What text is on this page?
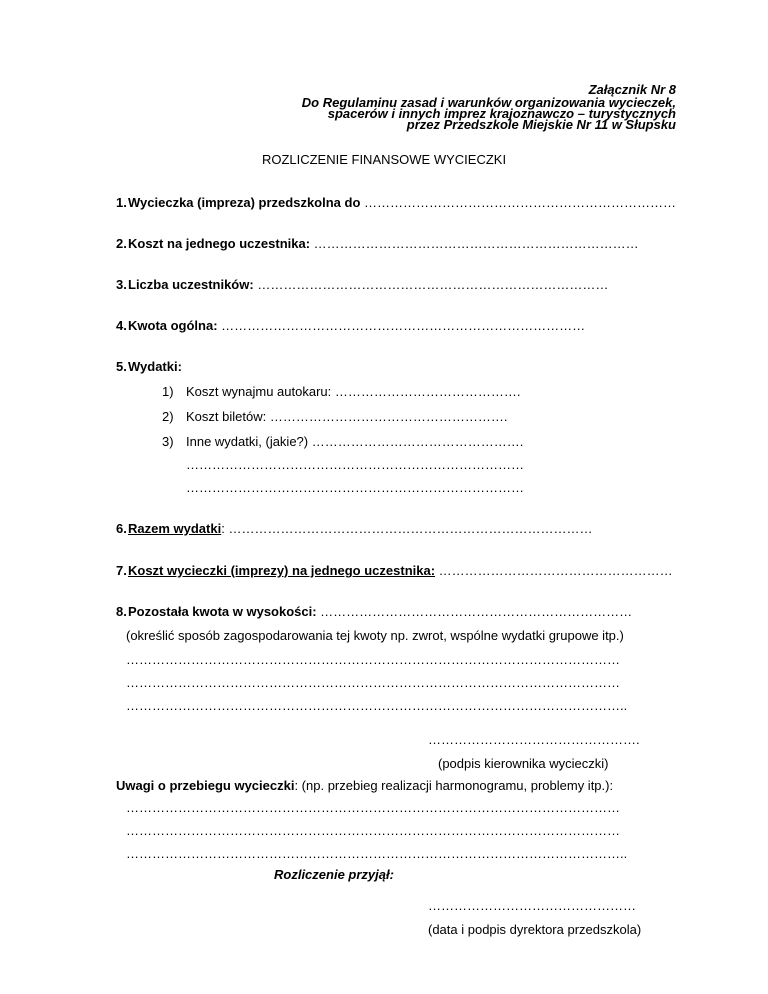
Załącznik Nr 8
Do Regulaminu zasad i warunków organizowania wycieczek,
spacerów i innych imprez krajoznawczo – turystycznych
przez Przedszkole Miejskie Nr 11 w Słupsku
ROZLICZENIE FINANSOWE WYCIECZKI
1.Wycieczka (impreza) przedszkolna do ………………………………………………………………
2.Koszt na jednego uczestnika: …………………………………………………………………
3.Liczba uczestników: ………………………………………………………………………
4.Kwota ogólna: …………………………………………………………………………
5.Wydatki:
1) Koszt wynajmu autokaru: …………………………………….
2) Koszt biletów: ……………………………………………….
3) Inne wydatki, (jakie?) ………………………………………….
……………………………………………………………………
……………………………………………………………………
6.Razem wydatki: …………………………………………………………………………
7.Koszt wycieczki (imprezy) na jednego uczestnika: ………………………………………………
8.Pozostała kwota w wysokości: ………………………………………………………………
(określić sposób zagospodarowania tej kwoty np. zwrot, wspólne wydatki grupowe itp.)
……………………………………………………………………………………………………
……………………………………………………………………………………………………
……………………………………………………………………………………………………..
………………………………………….
(podpis kierownika wycieczki)
Uwagi o przebiegu wycieczki: (np. przebieg realizacji harmonogramu, problemy itp.):
……………………………………………………………………………………………………
……………………………………………………………………………………………………
……………………………………………………………………………………………………..
Rozliczenie przyjął:
…………………………………………
(data i podpis dyrektora przedszkola)
